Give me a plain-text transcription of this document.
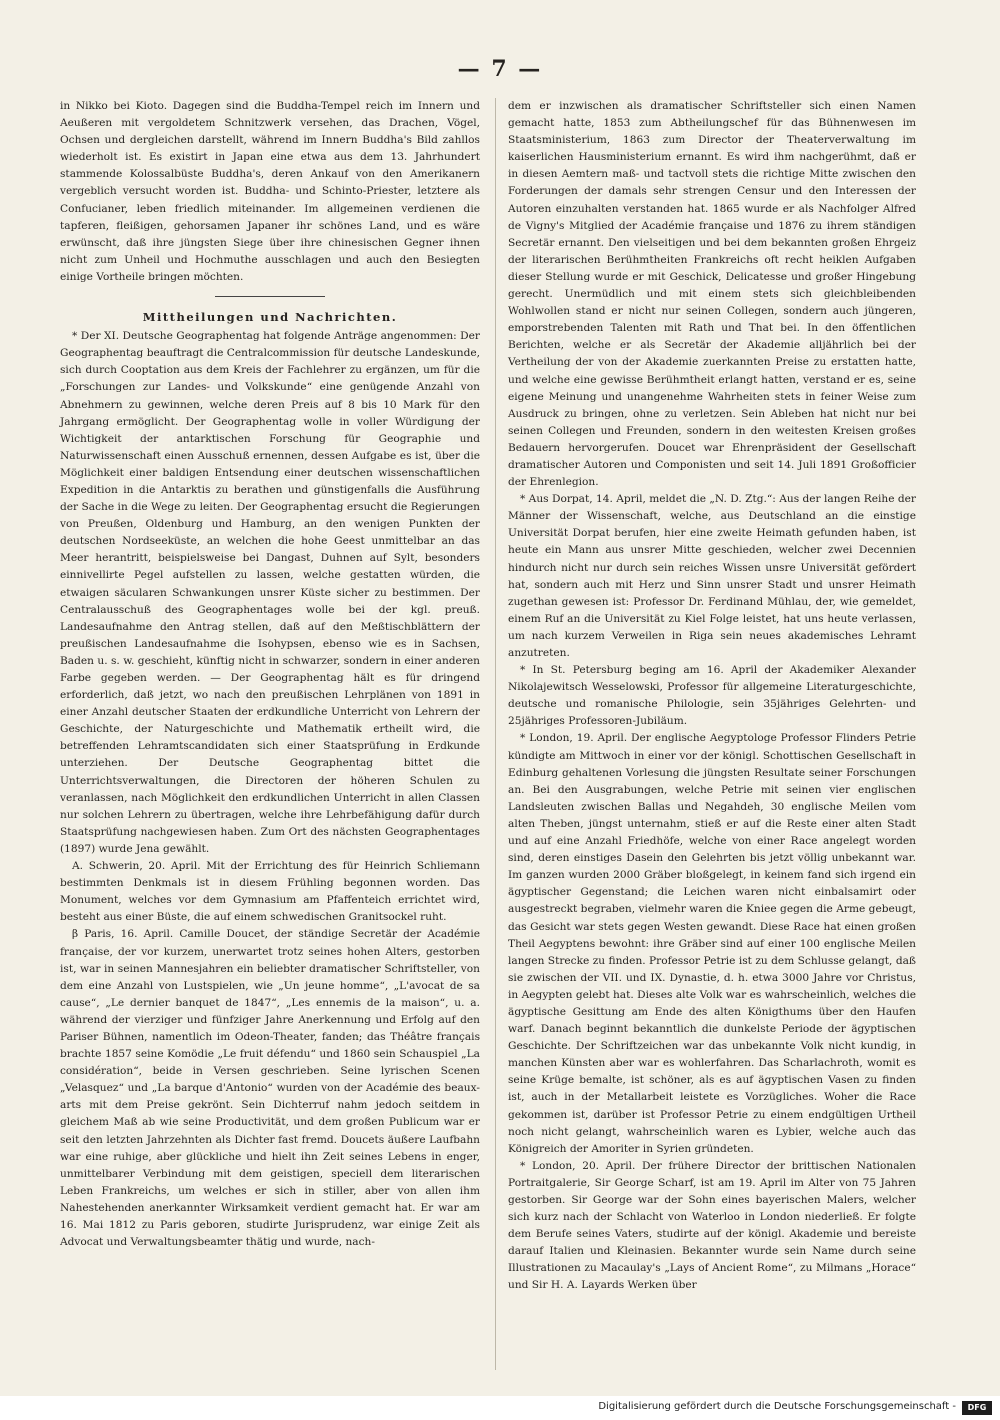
— 7 —

in Nikko bei Kioto. Dagegen sind die Buddha-Tempel reich im Innern und Aeußeren mit vergoldetem Schnitzwerk versehen, das Drachen, Vögel, Ochsen und dergleichen darstellt, während im Innern Buddha's Bild zahllos wiederholt ist. Es existirt in Japan eine etwa aus dem 13. Jahrhundert stammende Kolossalbüste Buddha's, deren Ankauf von den Amerikanern vergeblich versucht worden ist. Buddha- und Schinto-Priester, letztere als Confucianer, leben friedlich miteinander. Im allgemeinen verdienen die tapferen, fleißigen, gehorsamen Japaner ihr schönes Land, und es wäre erwünscht, daß ihre jüngsten Siege über ihre chinesischen Gegner ihnen nicht zum Unheil und Hochmuthe ausschlagen und auch den Besiegten einige Vortheile bringen möchten.

Mittheilungen und Nachrichten.

* Der XI. Deutsche Geographentag hat folgende Anträge angenommen: Der Geographentag beauftragt die Centralcommission für deutsche Landeskunde, sich durch Cooptation aus dem Kreis der Fachlehrer zu ergänzen, um für die „Forschungen zur Landes- und Volkskunde“ eine genügende Anzahl von Abnehmern zu gewinnen, welche deren Preis auf 8 bis 10 Mark für den Jahrgang ermöglicht. Der Geographentag wolle in voller Würdigung der Wichtigkeit der antarktischen Forschung für Geographie und Naturwissenschaft einen Ausschuß ernennen, dessen Aufgabe es ist, über die Möglichkeit einer baldigen Entsendung einer deutschen wissenschaftlichen Expedition in die Antarktis zu berathen und günstigenfalls die Ausführung der Sache in die Wege zu leiten. Der Geographentag ersucht die Regierungen von Preußen, Oldenburg und Hamburg, an den wenigen Punkten der deutschen Nordseeküste, an welchen die hohe Geest unmittelbar an das Meer herantritt, beispielsweise bei Dangast, Duhnen auf Sylt, besonders einnivellirte Pegel aufstellen zu lassen, welche gestatten würden, die etwaigen säcularen Schwankungen unsrer Küste sicher zu bestimmen. Der Centralausschuß des Geographentages wolle bei der kgl. preuß. Landesaufnahme den Antrag stellen, daß auf den Meßtischblättern der preußischen Landesaufnahme die Isohypsen, ebenso wie es in Sachsen, Baden u. s. w. geschieht, künftig nicht in schwarzer, sondern in einer anderen Farbe gegeben werden. — Der Geographentag hält es für dringend erforderlich, daß jetzt, wo nach den preußischen Lehrplänen von 1891 in einer Anzahl deutscher Staaten der erdkundliche Unterricht von Lehrern der Geschichte, der Naturgeschichte und Mathematik ertheilt wird, die betreffenden Lehramtscandidaten sich einer Staatsprüfung in Erdkunde unterziehen. Der Deutsche Geographentag bittet die Unterrichtsverwaltungen, die Directoren der höheren Schulen zu veranlassen, nach Möglichkeit den erdkundlichen Unterricht in allen Classen nur solchen Lehrern zu übertragen, welche ihre Lehrbefähigung dafür durch Staatsprüfung nachgewiesen haben. Zum Ort des nächsten Geographentages (1897) wurde Jena gewählt.

A. Schwerin, 20. April. Mit der Errichtung des für Heinrich Schliemann bestimmten Denkmals ist in diesem Frühling begonnen worden. Das Monument, welches vor dem Gymnasium am Pfaffenteich errichtet wird, besteht aus einer Büste, die auf einem schwedischen Granitsockel ruht.

β Paris, 16. April. Camille Doucet, der ständige Secretär der Académie française, der vor kurzem, unerwartet trotz seines hohen Alters, gestorben ist, war in seinen Mannesjahren ein beliebter dramatischer Schriftsteller, von dem eine Anzahl von Lustspielen, wie „Un jeune homme“, „L'avocat de sa cause“, „Le dernier banquet de 1847“, „Les ennemis de la maison“, u. a. während der vierziger und fünfziger Jahre Anerkennung und Erfolg auf den Pariser Bühnen, namentlich im Odeon-Theater, fanden; das Théâtre français brachte 1857 seine Komödie „Le fruit défendu“ und 1860 sein Schauspiel „La considération“, beide in Versen geschrieben. Seine lyrischen Scenen „Velasquez“ und „La barque d'Antonio“ wurden von der Académie des beaux-arts mit dem Preise gekrönt. Sein Dichterruf nahm jedoch seitdem in gleichem Maß ab wie seine Productivität, und dem großen Publicum war er seit den letzten Jahrzehnten als Dichter fast fremd. Doucets äußere Laufbahn war eine ruhige, aber glückliche und hielt ihn Zeit seines Lebens in enger, unmittelbarer Verbindung mit dem geistigen, speciell dem literarischen Leben Frankreichs, um welches er sich in stiller, aber von allen ihm Nahestehenden anerkannter Wirksamkeit verdient gemacht hat. Er war am 16. Mai 1812 zu Paris geboren, studirte Jurisprudenz, war einige Zeit als Advocat und Verwaltungsbeamter thätig und wurde, nach-

dem er inzwischen als dramatischer Schriftsteller sich einen Namen gemacht hatte, 1853 zum Abtheilungschef für das Bühnenwesen im Staatsministerium, 1863 zum Director der Theaterverwaltung im kaiserlichen Hausministerium ernannt. Es wird ihm nachgerühmt, daß er in diesen Aemtern maß- und tactvoll stets die richtige Mitte zwischen den Forderungen der damals sehr strengen Censur und den Interessen der Autoren einzuhalten verstanden hat. 1865 wurde er als Nachfolger Alfred de Vigny's Mitglied der Académie française und 1876 zu ihrem ständigen Secretär ernannt. Den vielseitigen und bei dem bekannten großen Ehrgeiz der literarischen Berühmtheiten Frankreichs oft recht heiklen Aufgaben dieser Stellung wurde er mit Geschick, Delicatesse und großer Hingebung gerecht. Unermüdlich und mit einem stets sich gleichbleibenden Wohlwollen stand er nicht nur seinen Collegen, sondern auch jüngeren, emporstrebenden Talenten mit Rath und That bei. In den öffentlichen Berichten, welche er als Secretär der Akademie alljährlich bei der Vertheilung der von der Akademie zuerkannten Preise zu erstatten hatte, und welche eine gewisse Berühmtheit erlangt hatten, verstand er es, seine eigene Meinung und unangenehme Wahrheiten stets in feiner Weise zum Ausdruck zu bringen, ohne zu verletzen. Sein Ableben hat nicht nur bei seinen Collegen und Freunden, sondern in den weitesten Kreisen großes Bedauern hervorgerufen. Doucet war Ehrenpräsident der Gesellschaft dramatischer Autoren und Componisten und seit 14. Juli 1891 Großofficier der Ehrenlegion.

* Aus Dorpat, 14. April, meldet die „N. D. Ztg.“: Aus der langen Reihe der Männer der Wissenschaft, welche, aus Deutschland an die einstige Universität Dorpat berufen, hier eine zweite Heimath gefunden haben, ist heute ein Mann aus unsrer Mitte geschieden, welcher zwei Decennien hindurch nicht nur durch sein reiches Wissen unsre Universität gefördert hat, sondern auch mit Herz und Sinn unsrer Stadt und unsrer Heimath zugethan gewesen ist: Professor Dr. Ferdinand Mühlau, der, wie gemeldet, einem Ruf an die Universität zu Kiel Folge leistet, hat uns heute verlassen, um nach kurzem Verweilen in Riga sein neues akademisches Lehramt anzutreten.

* In St. Petersburg beging am 16. April der Akademiker Alexander Nikolajewitsch Wesselowski, Professor für allgemeine Literaturgeschichte, deutsche und romanische Philologie, sein 35jähriges Gelehrten- und 25jähriges Professoren-Jubiläum.

* London, 19. April. Der englische Aegyptologe Professor Flinders Petrie kündigte am Mittwoch in einer vor der königl. Schottischen Gesellschaft in Edinburg gehaltenen Vorlesung die jüngsten Resultate seiner Forschungen an. Bei den Ausgrabungen, welche Petrie mit seinen vier englischen Landsleuten zwischen Ballas und Negahdeh, 30 englische Meilen vom alten Theben, jüngst unternahm, stieß er auf die Reste einer alten Stadt und auf eine Anzahl Friedhöfe, welche von einer Race angelegt worden sind, deren einstiges Dasein den Gelehrten bis jetzt völlig unbekannt war. Im ganzen wurden 2000 Gräber bloßgelegt, in keinem fand sich irgend ein ägyptischer Gegenstand; die Leichen waren nicht einbalsamirt oder ausgestreckt begraben, vielmehr waren die Kniee gegen die Arme gebeugt, das Gesicht war stets gegen Westen gewandt. Diese Race hat einen großen Theil Aegyptens bewohnt: ihre Gräber sind auf einer 100 englische Meilen langen Strecke zu finden. Professor Petrie ist zu dem Schlusse gelangt, daß sie zwischen der VII. und IX. Dynastie, d. h. etwa 3000 Jahre vor Christus, in Aegypten gelebt hat. Dieses alte Volk war es wahrscheinlich, welches die ägyptische Gesittung am Ende des alten Königthums über den Haufen warf. Danach beginnt bekanntlich die dunkelste Periode der ägyptischen Geschichte. Der Schriftzeichen war das unbekannte Volk nicht kundig, in manchen Künsten aber war es wohlerfahren. Das Scharlachroth, womit es seine Krüge bemalte, ist schöner, als es auf ägyptischen Vasen zu finden ist, auch in der Metallarbeit leistete es Vorzügliches. Woher die Race gekommen ist, darüber ist Professor Petrie zu einem endgültigen Urtheil noch nicht gelangt, wahrscheinlich waren es Lybier, welche auch das Königreich der Amoriter in Syrien gründeten.

* London, 20. April. Der frühere Director der brittischen Nationalen Portraitgalerie, Sir George Scharf, ist am 19. April im Alter von 75 Jahren gestorben. Sir George war der Sohn eines bayerischen Malers, welcher sich kurz nach der Schlacht von Waterloo in London niederließ. Er folgte dem Berufe seines Vaters, studirte auf der königl. Akademie und bereiste darauf Italien und Kleinasien. Bekannter wurde sein Name durch seine Illustrationen zu Macaulay's „Lays of Ancient Rome“, zu Milmans „Horace“ und Sir H. A. Layards Werken über

Digitalisierung gefördert durch die Deutsche Forschungsgemeinschaft -	DFG
